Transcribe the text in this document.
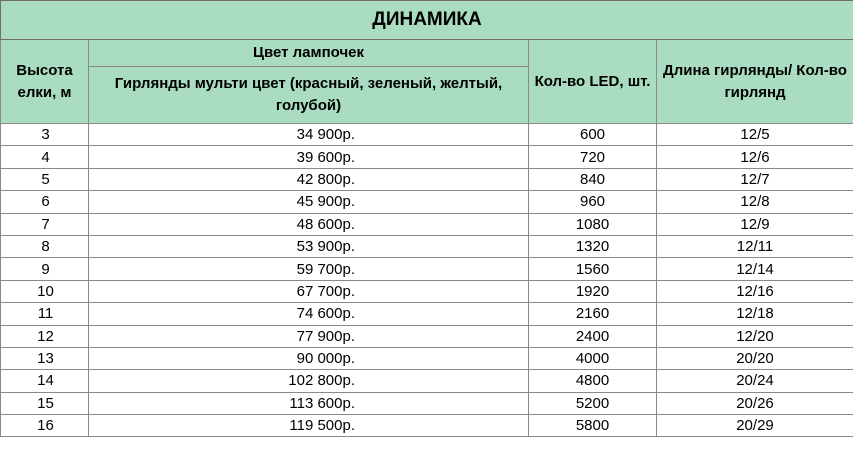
ДИНАМИКА			
Высота елки, м	Цвет лампочек	Кол-во LED, шт.	Длина гирлянды/ Кол-во гирлянд
	Гирлянды мульти цвет (красный, зеленый, желтый, голубой)		
3	34 900р.	600	12/5
4	39 600р.	720	12/6
5	42 800р.	840	12/7
6	45 900р.	960	12/8
7	48 600р.	1080	12/9
8	53 900р.	1320	12/11
9	59 700р.	1560	12/14
10	67 700р.	1920	12/16
11	74 600р.	2160	12/18
12	77 900р.	2400	12/20
13	90 000р.	4000	20/20
14	102 800р.	4800	20/24
15	113 600р.	5200	20/26
16	119 500р.	5800	20/29
